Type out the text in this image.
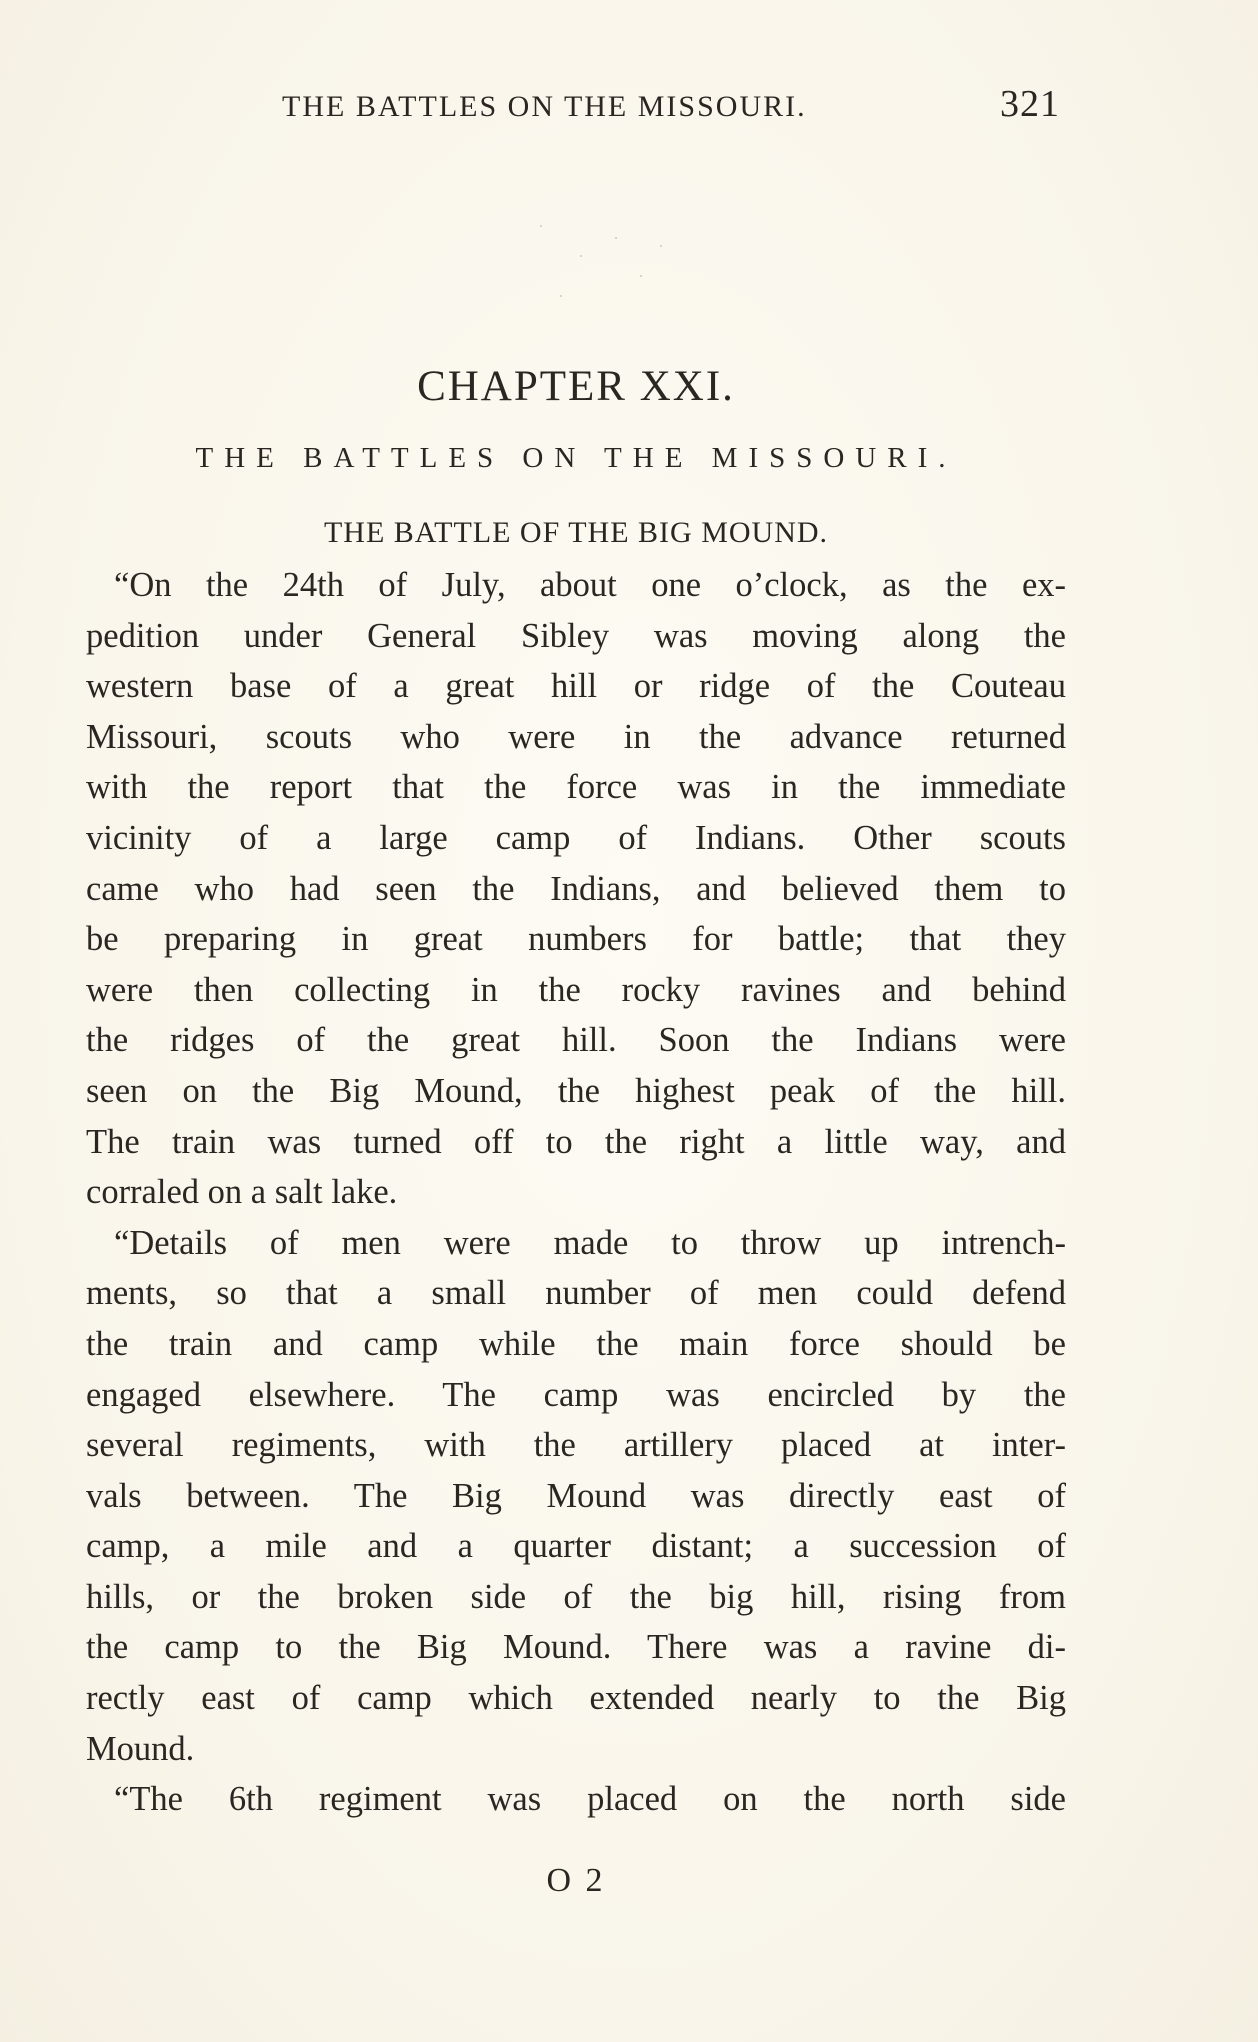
THE BATTLES ON THE MISSOURI.	321
CHAPTER XXI.
THE BATTLES ON THE MISSOURI.
THE BATTLE OF THE BIG MOUND.
“On the 24th of July, about one o’clock, as the ex-
pedition under General Sibley was moving along the
western base of a great hill or ridge of the Couteau
Missouri, scouts who were in the advance returned
with the report that the force was in the immediate
vicinity of a large camp of Indians. Other scouts
came who had seen the Indians, and believed them to
be preparing in great numbers for battle; that they
were then collecting in the rocky ravines and behind
the ridges of the great hill. Soon the Indians were
seen on the Big Mound, the highest peak of the hill.
The train was turned off to the right a little way, and
corraled on a salt lake.
“Details of men were made to throw up intrench-
ments, so that a small number of men could defend
the train and camp while the main force should be
engaged elsewhere. The camp was encircled by the
several regiments, with the artillery placed at inter-
vals between. The Big Mound was directly east of
camp, a mile and a quarter distant; a succession of
hills, or the broken side of the big hill, rising from
the camp to the Big Mound. There was a ravine di-
rectly east of camp which extended nearly to the Big
Mound.
“The 6th regiment was placed on the north side
O 2
